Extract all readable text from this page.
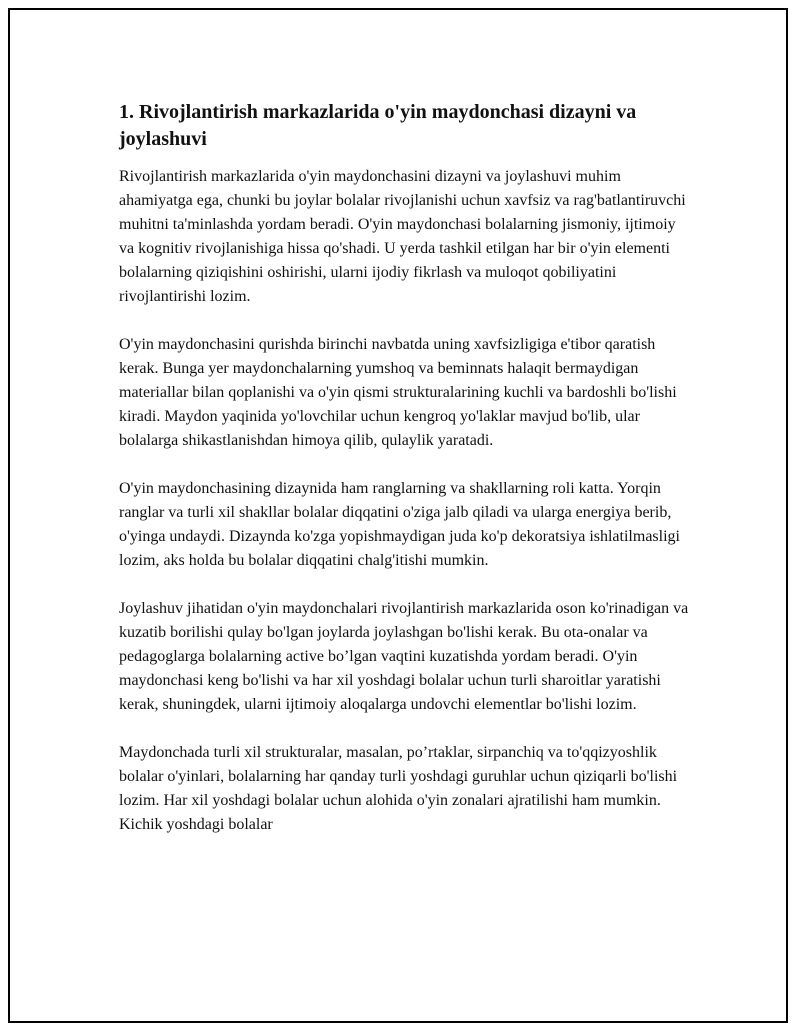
1. Rivojlantirish markazlarida o'yin maydonchasi dizayni va joylashuvi

Rivojlantirish markazlarida o'yin maydonchasini dizayni va joylashuvi muhim ahamiyatga ega, chunki bu joylar bolalar rivojlanishi uchun xavfsiz va rag'batlantiruvchi muhitni ta'minlashda yordam beradi. O'yin maydonchasi bolalarning jismoniy, ijtimoiy va kognitiv rivojlanishiga hissa qo'shadi. U yerda tashkil etilgan har bir o'yin elementi bolalarning qiziqishini oshirishi, ularni ijodiy fikrlash va muloqot qobiliyatini rivojlantirishi lozim.

O'yin maydonchasini qurishda birinchi navbatda uning xavfsizligiga e'tibor qaratish kerak. Bunga yer maydonchalarning yumshoq va beminnats halaqit bermaydigan materiallar bilan qoplanishi va o'yin qismi strukturalarining kuchli va bardoshli bo'lishi kiradi. Maydon yaqinida yo'lovchilar uchun kengroq yo'laklar mavjud bo'lib, ular bolalarga shikastlanishdan himoya qilib, qulaylik yaratadi.

O'yin maydonchasining dizaynida ham ranglarning va shakllarning roli katta. Yorqin ranglar va turli xil shakllar bolalar diqqatini o'ziga jalb qiladi va ularga energiya berib, o'yinga undaydi. Dizaynda ko'zga yopishmaydigan juda ko'p dekoratsiya ishlatilmasligi lozim, aks holda bu bolalar diqqatini chalg'itishi mumkin.

Joylashuv jihatidan o'yin maydonchalari rivojlantirish markazlarida oson ko'rinadigan va kuzatib borilishi qulay bo'lgan joylarda joylashgan bo'lishi kerak. Bu ota-onalar va pedagoglarga bolalarning active bo’lgan vaqtini kuzatishda yordam beradi. O'yin maydonchasi keng bo'lishi va har xil yoshdagi bolalar uchun turli sharoitlar yaratishi kerak, shuningdek, ularni ijtimoiy aloqalarga undovchi elementlar bo'lishi lozim.

Maydonchada turli xil strukturalar, masalan, po’rtaklar, sirpanchiq va to'qqizyoshlik bolalar o'yinlari, bolalarning har qanday turli yoshdagi guruhlar uchun qiziqarli bo'lishi lozim. Har xil yoshdagi bolalar uchun alohida o'yin zonalari ajratilishi ham mumkin. Kichik yoshdagi bolalar
